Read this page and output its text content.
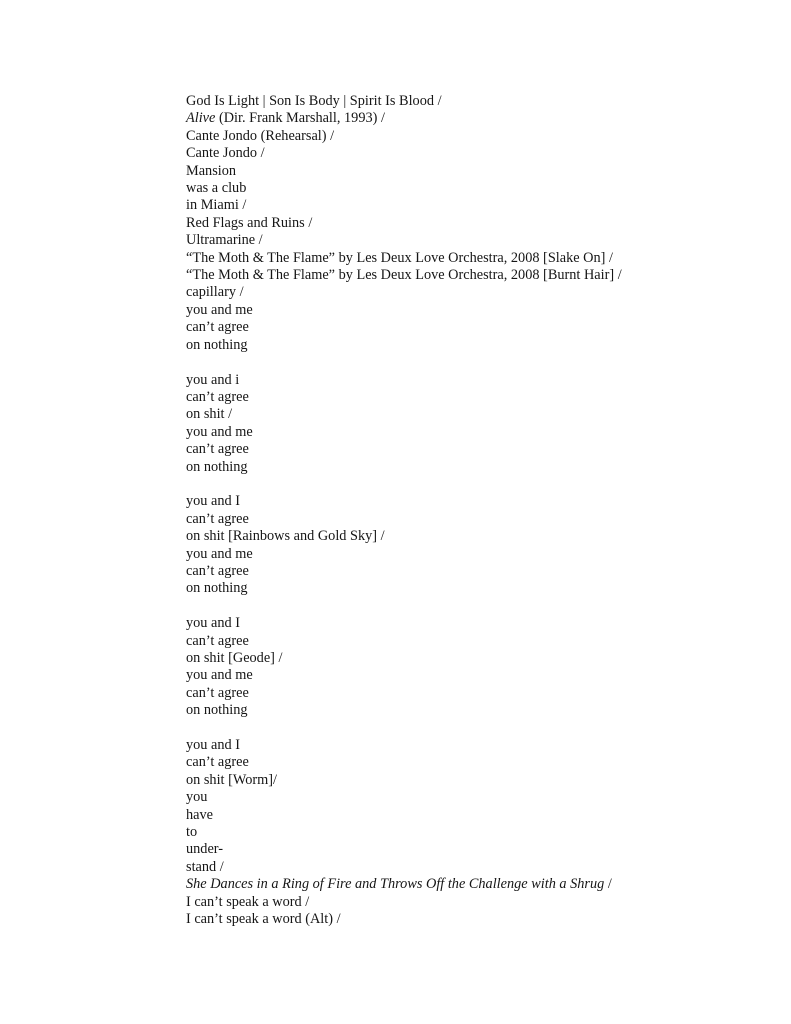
God Is Light | Son Is Body | Spirit Is Blood /
Alive (Dir. Frank Marshall, 1993) /
Cante Jondo (Rehearsal) /
Cante Jondo /
Mansion
was a club
in Miami /
Red Flags and Ruins /
Ultramarine /
“The Moth & The Flame” by Les Deux Love Orchestra, 2008 [Slake On] /
“The Moth & The Flame” by Les Deux Love Orchestra, 2008 [Burnt Hair] /
capillary /
you and me
can’t agree
on nothing
you and i
can’t agree
on shit /
you and me
can’t agree
on nothing
you and I
can’t agree
on shit [Rainbows and Gold Sky] /
you and me
can’t agree
on nothing
you and I
can’t agree
on shit [Geode] /
you and me
can’t agree
on nothing
you and I
can’t agree
on shit [Worm]/
you
have
to
under-
stand /
She Dances in a Ring of Fire and Throws Off the Challenge with a Shrug /
I can’t speak a word /
I can’t speak a word (Alt) /
